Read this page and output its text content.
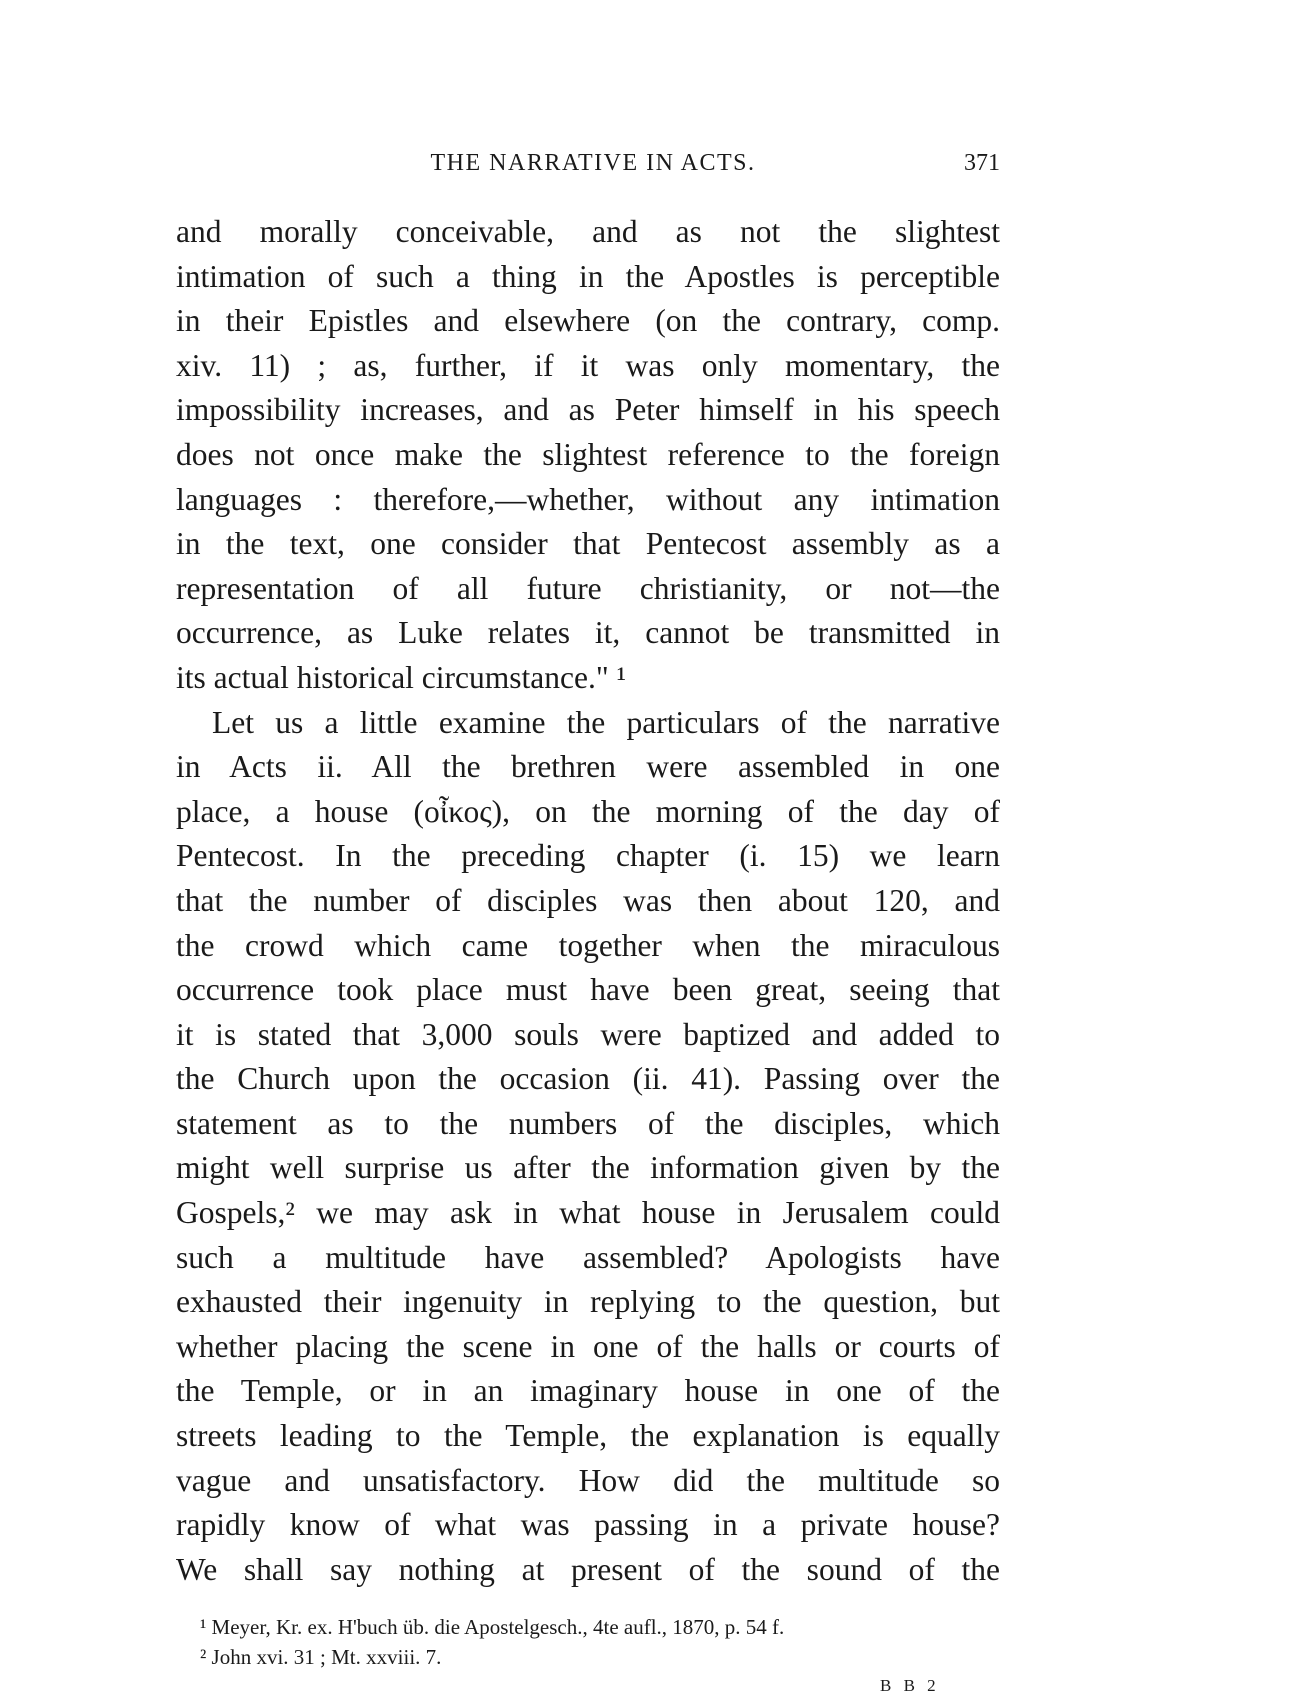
THE NARRATIVE IN ACTS.	371
and morally conceivable, and as not the slightest
intimation of such a thing in the Apostles is perceptible
in their Epistles and elsewhere (on the contrary, comp.
xiv. 11) ; as, further, if it was only momentary, the
impossibility increases, and as Peter himself in his speech
does not once make the slightest reference to the foreign
languages : therefore,—whether, without any intimation
in the text, one consider that Pentecost assembly as a
representation of all future christianity, or not—the
occurrence, as Luke relates it, cannot be transmitted in
its actual historical circumstance." ¹
Let us a little examine the particulars of the narrative
in Acts ii. All the brethren were assembled in one
place, a house (οἶκος), on the morning of the day of
Pentecost. In the preceding chapter (i. 15) we learn
that the number of disciples was then about 120, and
the crowd which came together when the miraculous
occurrence took place must have been great, seeing that
it is stated that 3,000 souls were baptized and added to
the Church upon the occasion (ii. 41). Passing over the
statement as to the numbers of the disciples, which
might well surprise us after the information given by the
Gospels,² we may ask in what house in Jerusalem could
such a multitude have assembled? Apologists have
exhausted their ingenuity in replying to the question, but
whether placing the scene in one of the halls or courts of
the Temple, or in an imaginary house in one of the
streets leading to the Temple, the explanation is equally
vague and unsatisfactory. How did the multitude so
rapidly know of what was passing in a private house?
We shall say nothing at present of the sound of the
¹ Meyer, Kr. ex. H'buch üb. die Apostelgesch., 4te aufl., 1870, p. 54 f.
² John xvi. 31 ; Mt. xxviii. 7.
B B 2
